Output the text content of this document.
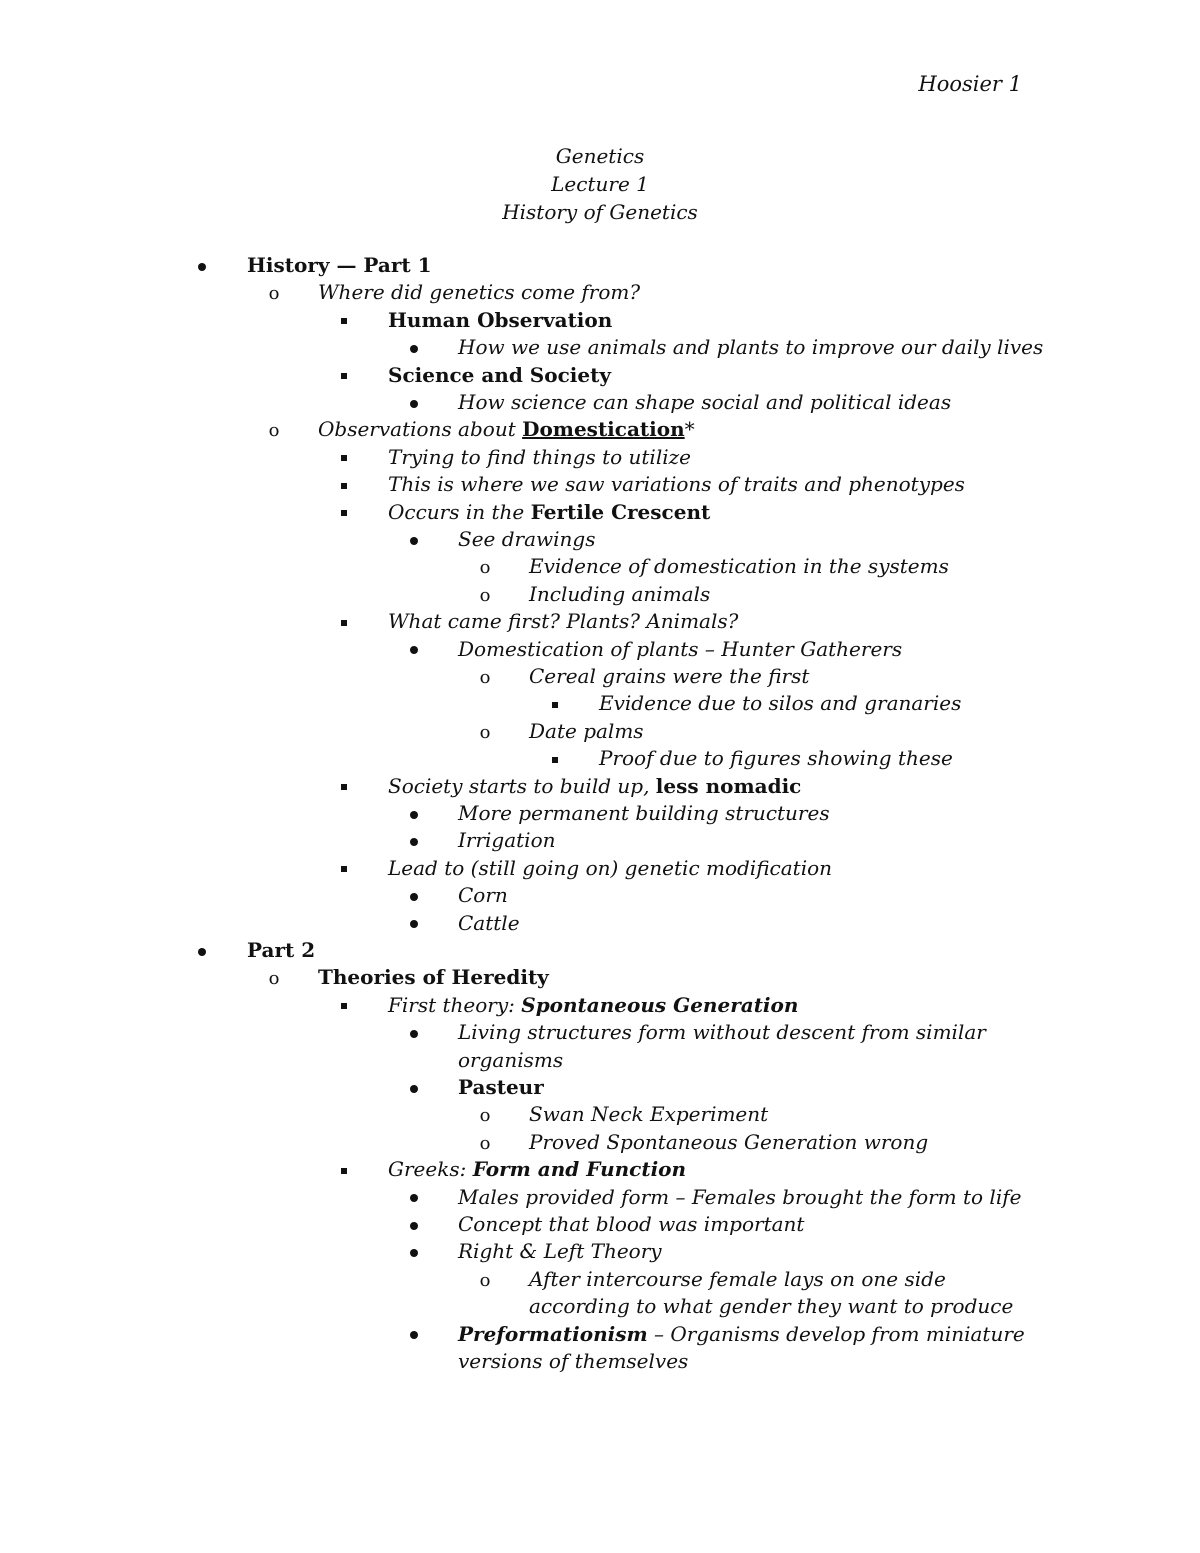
Hoosier 1
Genetics
Lecture 1
History of Genetics
History — Part 1
o	Where did genetics come from?
Human Observation
How we use animals and plants to improve our daily lives
Science and Society
How science can shape social and political ideas
o	Observations about Domestication*
Trying to find things to utilize
This is where we saw variations of traits and phenotypes
Occurs in the Fertile Crescent
See drawings
o	Evidence of domestication in the systems
o	Including animals
What came first? Plants? Animals?
Domestication of plants – Hunter Gatherers
o	Cereal grains were the first
Evidence due to silos and granaries
o	Date palms
Proof due to figures showing these
Society starts to build up, less nomadic
More permanent building structures
Irrigation
Lead to (still going on) genetic modification
Corn
Cattle
Part 2
o	Theories of Heredity
First theory: Spontaneous Generation
Living structures form without descent from similar
organisms
Pasteur
o	Swan Neck Experiment
o	Proved Spontaneous Generation wrong
Greeks: Form and Function
Males provided form – Females brought the form to life
Concept that blood was important
Right & Left Theory
o	After intercourse female lays on one side
according to what gender they want to produce
Preformationism – Organisms develop from miniature
versions of themselves
